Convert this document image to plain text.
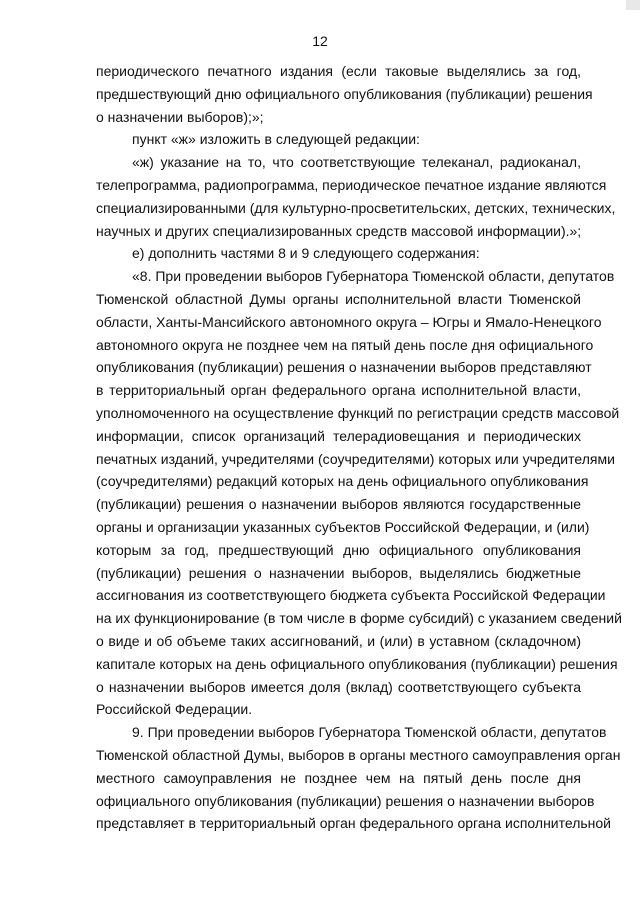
12
периодического печатного издания (если таковые выделялись за год,
предшествующий дню официального опубликования (публикации) решения
о назначении выборов);»;
пункт «ж» изложить в следующей редакции:
«ж) указание на то, что соответствующие телеканал, радиоканал,
телепрограмма, радиопрограмма, периодическое печатное издание являются
специализированными (для культурно-просветительских, детских, технических,
научных и других специализированных средств массовой информации).»;
е) дополнить частями 8 и 9 следующего содержания:
«8. При проведении выборов Губернатора Тюменской области, депутатов
Тюменской областной Думы органы исполнительной власти Тюменской
области, Ханты-Мансийского автономного округа – Югры и Ямало-Ненецкого
автономного округа не позднее чем на пятый день после дня официального
опубликования (публикации) решения о назначении выборов представляют
в территориальный орган федерального органа исполнительной власти,
уполномоченного на осуществление функций по регистрации средств массовой
информации, список организаций телерадиовещания и периодических
печатных изданий, учредителями (соучредителями) которых или учредителями
(соучредителями) редакций которых на день официального опубликования
(публикации) решения о назначении выборов являются государственные
органы и организации указанных субъектов Российской Федерации, и (или)
которым за год, предшествующий дню официального опубликования
(публикации) решения о назначении выборов, выделялись бюджетные
ассигнования из соответствующего бюджета субъекта Российской Федерации
на их функционирование (в том числе в форме субсидий) с указанием сведений
о виде и об объеме таких ассигнований, и (или) в уставном (складочном)
капитале которых на день официального опубликования (публикации) решения
о назначении выборов имеется доля (вклад) соответствующего субъекта
Российской Федерации.
9. При проведении выборов Губернатора Тюменской области, депутатов
Тюменской областной Думы, выборов в органы местного самоуправления орган
местного самоуправления не позднее чем на пятый день после дня
официального опубликования (публикации) решения о назначении выборов
представляет в территориальный орган федерального органа исполнительной
